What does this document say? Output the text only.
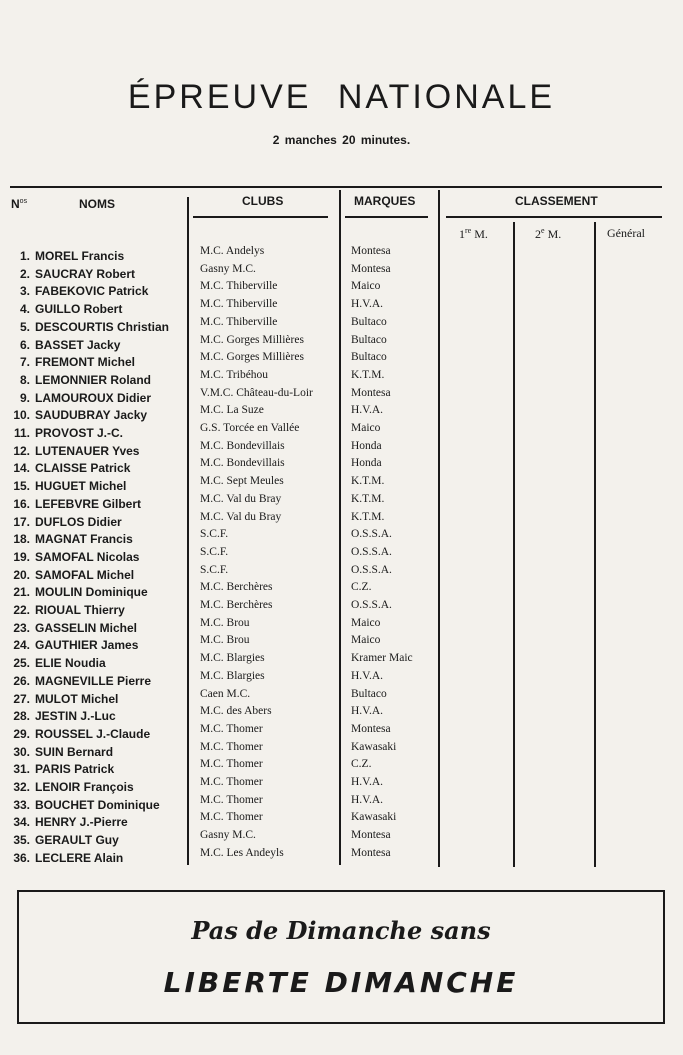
ÉPREUVE NATIONALE
2 manches 20 minutes.
$N^{os}$	NOMS	CLUBS	MARQUES	CLASSEMENT
1re M.	2e M.	Général
1. MOREL Francis	M.C. Andelys	Montesa
2. SAUCRAY Robert	Gasny M.C.	Montesa
3. FABEKOVIC Patrick	M.C. Thiberville	Maico
4. GUILLO Robert	M.C. Thiberville	H.V.A.
5. DESCOURTIS Christian	M.C. Thiberville	Bultaco
6. BASSET Jacky	M.C. Gorges Millières	Bultaco
7. FREMONT Michel	M.C. Gorges Millières	Bultaco
8. LEMONNIER Roland	M.C. Tribéhou	K.T.M.
9. LAMOUROUX Didier	V.M.C. Château-du-Loir	Montesa
10. SAUDUBRAY Jacky	M.C. La Suze	H.V.A.
11. PROVOST J.-C.	G.S. Torcée en Vallée	Maico
12. LUTENAUER Yves	M.C. Bondevillais	Honda
14. CLAISSE Patrick	M.C. Bondevillais	Honda
15. HUGUET Michel	M.C. Sept Meules	K.T.M.
16. LEFEBVRE Gilbert	M.C. Val du Bray	K.T.M.
17. DUFLOS Didier	M.C. Val du Bray	K.T.M.
18. MAGNAT Francis	S.C.F.	O.S.S.A.
19. SAMOFAL Nicolas	S.C.F.	O.S.S.A.
20. SAMOFAL Michel	S.C.F.	O.S.S.A.
21. MOULIN Dominique	M.C. Berchères	C.Z.
22. RIOUAL Thierry	M.C. Berchères	O.S.S.A.
23. GASSELIN Michel	M.C. Brou	Maico
24. GAUTHIER James	M.C. Brou	Maico
25. ELIE Noudia	M.C. Blargies	Kramer Maic
26. MAGNEVILLE Pierre	M.C. Blargies	H.V.A.
27. MULOT Michel	Caen M.C.	Bultaco
28. JESTIN J.-Luc	M.C. des Abers	H.V.A.
29. ROUSSEL J.-Claude	M.C. Thomer	Montesa
30. SUIN Bernard	M.C. Thomer	Kawasaki
31. PARIS Patrick	M.C. Thomer	C.Z.
32. LENOIR François	M.C. Thomer	H.V.A.
33. BOUCHET Dominique	M.C. Thomer	H.V.A.
34. HENRY J.-Pierre	M.C. Thomer	Kawasaki
35. GERAULT Guy	Gasny M.C.	Montesa
36. LECLERE Alain	M.C. Les Andeyls	Montesa
Pas de Dimanche sans
LIBERTE DIMANCHE
